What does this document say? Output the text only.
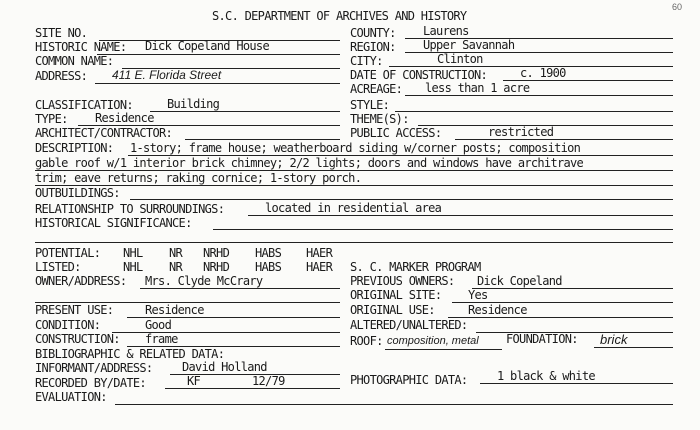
60
S.C. DEPARTMENT OF ARCHIVES AND HISTORY
SITE NO.	COUNTY: Laurens
HISTORIC NAME: Dick Copeland House	REGION: Upper Savannah
COMMON NAME:	CITY:	Clinton
ADDRESS: 411 E. Florida Street	DATE OF CONSTRUCTION:	c. 1900
ACREAGE: less than 1 acre
CLASSIFICATION:	Building	STYLE:
TYPE: Residence	THEME(S):
ARCHITECT/CONTRACTOR:	PUBLIC ACCESS:	restricted
DESCRIPTION: 1-story; frame house; weatherboard siding w/corner posts; composition
gable roof w/1 interior brick chimney; 2/2 lights; doors and windows have architrave
trim; eave returns; raking cornice; 1-story porch.
OUTBUILDINGS:
RELATIONSHIP TO SURROUNDINGS:	located in residential area
HISTORICAL SIGNIFICANCE:
POTENTIAL: NHL NR NRHD HABS HAER
LISTED:	NHL NR NRHD HABS HAER S. C. MARKER PROGRAM
OWNER/ADDRESS: Mrs. Clyde McCrary	PREVIOUS OWNERS: Dick Copeland
ORIGINAL SITE: Yes
PRESENT USE:	Residence	ORIGINAL USE:	Residence
CONDITION:	Good	ALTERED/UNALTERED:
CONSTRUCTION: frame	ROOF: composition, metal FOUNDATION: brick
BIBLIOGRAPHIC & RELATED DATA:
INFORMANT/ADDRESS: David Holland
RECORDED BY/DATE:	KF	12/79	PHOTOGRAPHIC DATA: 1 black & white
EVALUATION:
